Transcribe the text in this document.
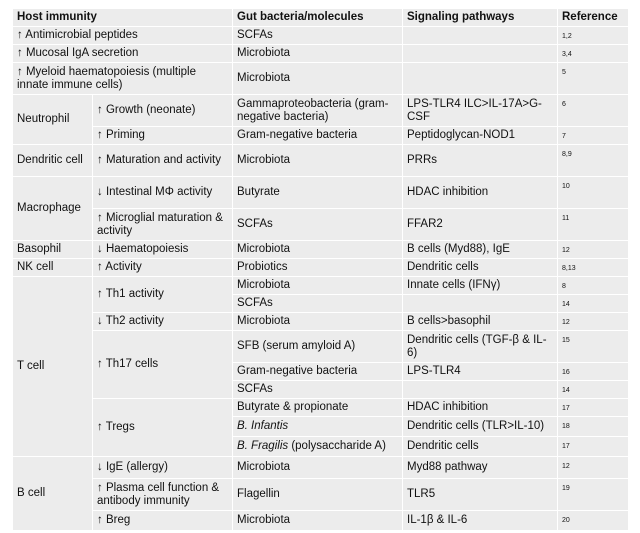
Host immunity		Gut bacteria/molecules	Signaling pathways	Reference
↑ Antimicrobial peptides		SCFAs		1,2
↑ Mucosal IgA secretion		Microbiota		3,4
↑ Myeloid haematopoiesis (multiple innate immune cells)		Microbiota		5
Neutrophil	↑ Growth (neonate)	Gammaproteobacteria (gram-negative bacteria)	LPS-TLR4 ILC>IL-17A>G-CSF	6
	↑ Priming	Gram-negative bacteria	Peptidoglycan-NOD1	7
Dendritic cell	↑ Maturation and activity	Microbiota	PRRs	8,9
Macrophage	↓ Intestinal MΦ activity	Butyrate	HDAC inhibition	10
	↑ Microglial maturation & activity	SCFAs	FFAR2	11
Basophil	↓ Haematopoiesis	Microbiota	B cells (Myd88), IgE	12
NK cell	↑ Activity	Probiotics	Dendritic cells	8,13
T cell	↑ Th1 activity	Microbiota	Innate cells (IFNγ)	8
		SCFAs		14
	↓ Th2 activity	Microbiota	B cells>basophil	12
	↑ Th17 cells	SFB (serum amyloid A)	Dendritic cells (TGF-β & IL-6)	15
		Gram-negative bacteria	LPS-TLR4	16
		SCFAs		14
	↑ Tregs	Butyrate & propionate	HDAC inhibition	17
		B. Infantis	Dendritic cells (TLR>IL-10)	18
		B. Fragilis (polysaccharide A)	Dendritic cells	17
B cell	↓ IgE (allergy)	Microbiota	Myd88 pathway	12
	↑ Plasma cell function & antibody immunity	Flagellin	TLR5	19
	↑ Breg	Microbiota	IL-1β & IL-6	20
